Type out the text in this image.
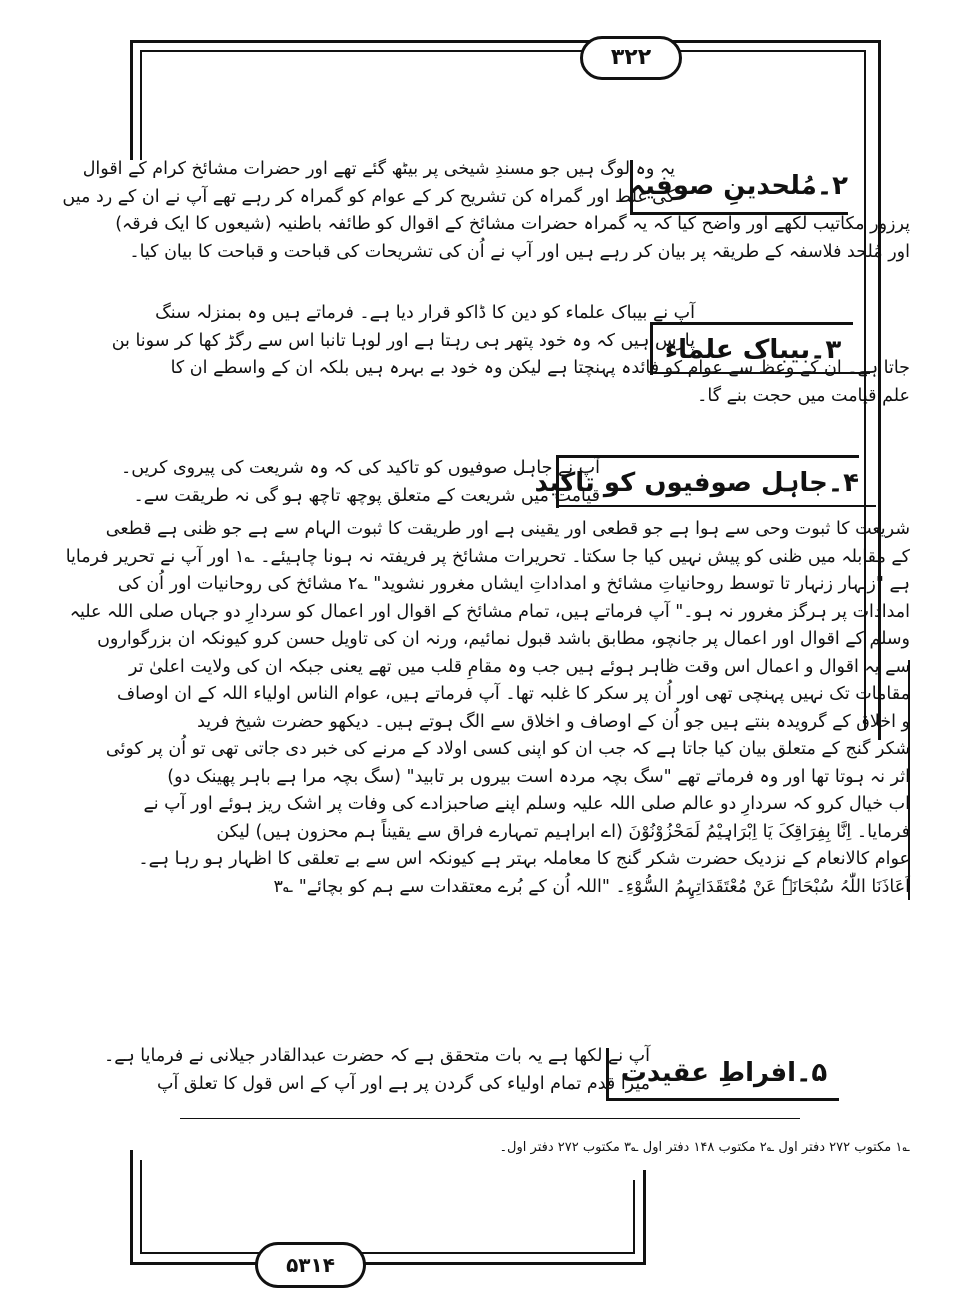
۳۲۲
۲۔مُلحدینِ صوفیہ
یہ وہ لوگ ہیں جو مسندِ شیخی پر بیٹھ گئے تھے اور حضرات مشائخ کرام کے اقوال
کی غلط اور گمراہ کن تشریح کر کے عوام کو گمراہ کر رہے تھے آپ نے ان کے رد میں
پرزور مکاتیب لکھے اور واضح کیا کہ یہ گمراہ حضرات مشائخ کے اقوال کو طائفہ باطنیہ (شیعوں کا ایک فرقہ)
اور مُلحد فلاسفہ کے طریقہ پر بیان کر رہے ہیں اور آپ نے اُن کی تشریحات کی قباحت و قباحت کا بیان کیا۔
۳۔بیباک علماء
آپ نے بیباک علماء کو دین کا ڈاکو قرار دیا ہے۔ فرماتے ہیں وہ بمنزلہ سنگ
پارس ہیں کہ وہ خود پتھر ہی رہتا ہے اور لوہا تانبا اس سے رگڑ کھا کر سونا بن
جاتا ہے۔ ان کے وعظ سے عوام کو فائدہ پہنچتا ہے لیکن وہ خود بے بہرہ ہیں بلکہ ان کے واسطے ان کا
علم قیامت میں حجت بنے گا۔
۴۔جاہل صوفیوں کو تاکید
آپ نے جاہل صوفیوں کو تاکید کی کہ وہ شریعت کی پیروی کریں۔
قیامت میں شریعت کے متعلق پوچھ تاچھ ہو گی نہ طریقت سے۔
شریعت کا ثبوت وحی سے ہوا ہے جو قطعی اور یقینی ہے اور طریقت کا ثبوت الہام سے ہے جو ظنی ہے قطعی
کے مقابلہ میں ظنی کو پیش نہیں کیا جا سکتا۔ تحریرات مشائخ پر فریفتہ نہ ہونا چاہیئے۔ ؎۱ اور آپ نے تحریر فرمایا
ہے "زنہار زنہار تا توسط روحانیاتِ مشائخ و امداداتِ ایشاں مغرور نشوید" ؎۲ مشائخ کی روحانیات اور اُن کی
امدادات پر ہرگز مغرور نہ ہو۔" آپ فرماتے ہیں، تمام مشائخ کے اقوال اور اعمال کو سردارِ دو جہاں صلی اللہ علیہ
وسلم کے اقوال اور اعمال پر جانچو، مطابق باشد قبول نمائیم، ورنہ ان کی تاویل حسن کرو کیونکہ ان بزرگواروں
سے یہ اقوال و اعمال اس وقت ظاہر ہوئے ہیں جب وہ مقامِ قلب میں تھے یعنی جبکہ ان کی ولایت اعلیٰ تر
مقامات تک نہیں پہنچی تھی اور اُن پر سکر کا غلبہ تھا۔ آپ فرماتے ہیں، عوام الناس اولیاء اللہ کے ان اوصاف
و اخلاق کے گرویدہ بنتے ہیں جو اُن کے اوصاف و اخلاق سے الگ ہوتے ہیں۔ دیکھو حضرت شیخ فرید
شکر گنج کے متعلق بیان کیا جاتا ہے کہ جب ان کو اپنی کسی اولاد کے مرنے کی خبر دی جاتی تھی تو اُن پر کوئی
اثر نہ ہوتا تھا اور وہ فرماتے تھے "سگ بچہ مردہ است بیروں بر تابید" (سگ بچہ مرا ہے باہر پھینک دو)
اب خیال کرو کہ سردارِ دو عالم صلی اللہ علیہ وسلم اپنے صاحبزادے کی وفات پر اشک ریز ہوئے اور آپ نے
فرمایا۔ اِنَّا بِفِرَاقِکَ یَا اِبْرَاہِیْمُ لَمَحْزُوْنُوْنَ (اے ابراہیم تمہارے فراق سے یقیناً ہم محزون ہیں) لیکن
عوام کالانعام کے نزدیک حضرت شکر گنج کا معاملہ بہتر ہے کیونکہ اس سے بے تعلقی کا اظہار ہو رہا ہے۔
اَعَاذَنَا اللّٰہُ سُبْحَانَہٗ عَنْ مُعْتَقَدَاتِہِمُ السُّوْءِ۔ "اللہ اُن کے بُرے معتقدات سے ہم کو بچائے" ؎۳
۵۔افراطِ عقیدت
آپ نے لکھا ہے یہ بات متحقق ہے کہ حضرت عبدالقادر جیلانی نے فرمایا ہے۔
میرا قدم تمام اولیاء کی گردن پر ہے اور آپ کے اس قول کا تعلق آپ
؎۱ مکتوب ۲۷۲ دفتر اول ؎۲ مکتوب ۱۴۸ دفتر اول ؎۳ مکتوب ۲۷۲ دفتر اول۔
۵۳۱۴
